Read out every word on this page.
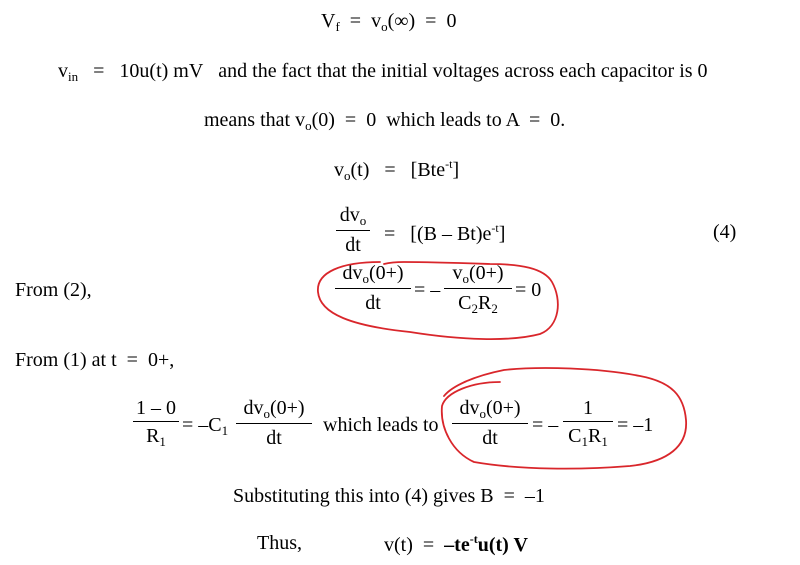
$V_f = v_o(\infty) = 0$
$v_{in} = 10u(t)$ mV and the fact that the initial voltages across each capacitor is 0
means that $v_o(0) = 0$ which leads to A = 0.
$v_o(t) = [Bte^{-t}]$
$dv_o$
dt	= $[(B - Bt)e^{-t}]$	(4)
From (2),
$dv_o(0+)$
dt
= –
$v_o(0+)$
$C_2R_2$
= 0
From (1) at t = 0+,
1 – 0
$R_1$
= $-C_1$
$dv_o(0+)$
dt
which leads to
$dv_o(0+)$
dt
= –
1
$C_1R_1$
= –1
Substituting this into (4) gives B = –1
Thus,	$v(t) = -te^{-t}u(t)$ V
